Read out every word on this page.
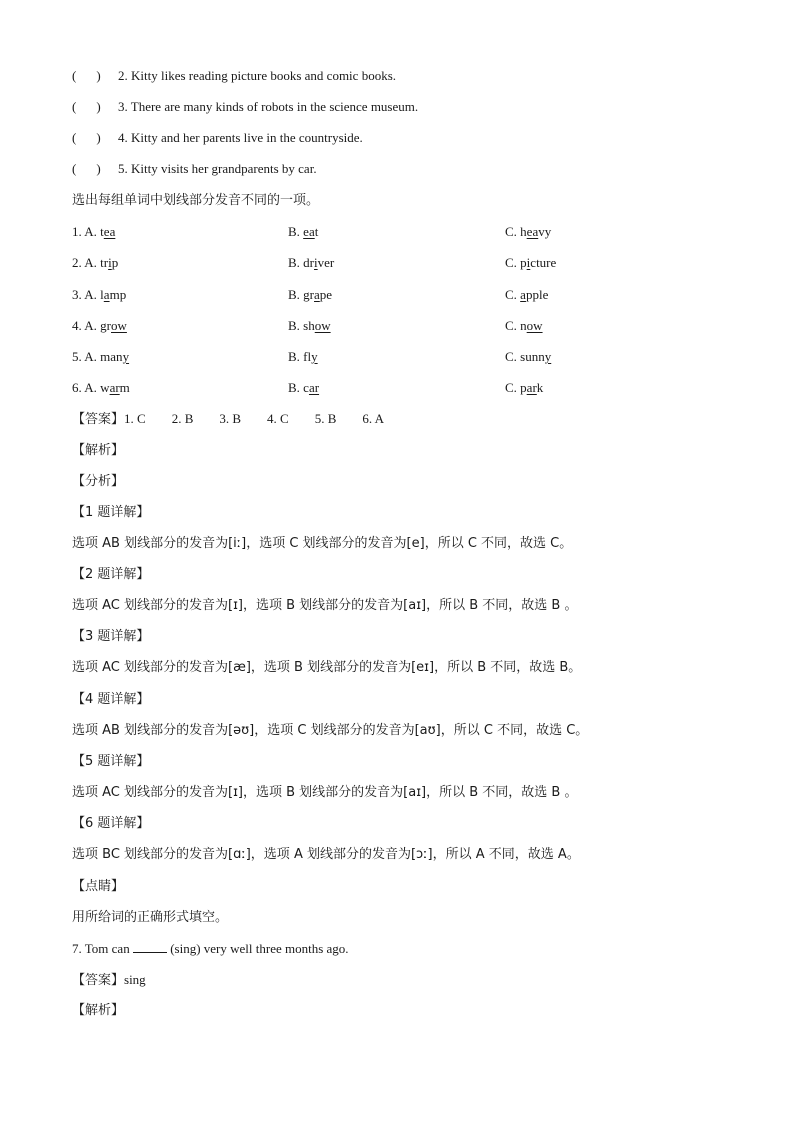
( ) 2. Kitty likes reading picture books and comic books.
( ) 3. There are many kinds of robots in the science museum.
( ) 4. Kitty and her parents live in the countryside.
( ) 5. Kitty visits her grandparents by car.
选出每组单词中划线部分发音不同的一项。
1. A. tea	B. eat	C. heavy
2. A. trip	B. driver	C. picture
3. A. lamp	B. grape	C. apple
4. A. grow	B. show	C. now
5. A. many	B. fly	C. sunny
6. A. warm	B. car	C. park
【答案】1. C 2. B 3. B 4. C 5. B 6. A
【解析】
【分析】
【1 题详解】
选项 AB 划线部分的发音为[iː]，选项 C 划线部分的发音为[e]，所以 C 不同，故选 C。
【2 题详解】
选项 AC 划线部分的发音为[ɪ]，选项 B 划线部分的发音为[aɪ]，所以 B 不同，故选 B 。
【3 题详解】
选项 AC 划线部分的发音为[æ]，选项 B 划线部分的发音为[eɪ]，所以 B 不同，故选 B。
【4 题详解】
选项 AB 划线部分的发音为[əʊ]，选项 C 划线部分的发音为[aʊ]，所以 C 不同，故选 C。
【5 题详解】
选项 AC 划线部分的发音为[ɪ]，选项 B 划线部分的发音为[aɪ]，所以 B 不同，故选 B 。
【6 题详解】
选项 BC 划线部分的发音为[ɑː]，选项 A 划线部分的发音为[ɔː]，所以 A 不同，故选 A。
【点睛】
用所给词的正确形式填空。
7. Tom can	(sing) very well three months ago.
【答案】sing
【解析】
